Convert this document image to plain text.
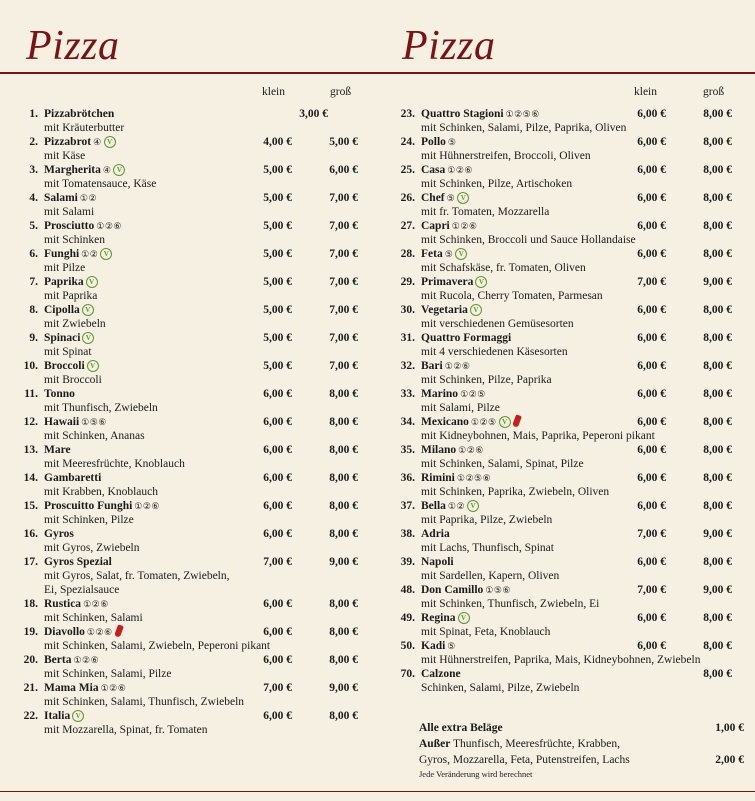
Pizza	Pizza
klein	groß
1. Pizzabrötchen	3,00 €
mit Kräuterbutter
2. Pizzabrot ④ V	4,00 €	5,00 €
mit Käse
3. Margherita ④ V	5,00 €	6,00 €
mit Tomatensauce, Käse
4. Salami ①②	5,00 €	7,00 €
mit Salami
5. Prosciutto ①②⑥	5,00 €	7,00 €
mit Schinken
6. Funghi ①② V	5,00 €	7,00 €
mit Pilze
7. Paprika V	5,00 €	7,00 €
mit Paprika
8. Cipolla V	5,00 €	7,00 €
mit Zwiebeln
9. Spinaci V	5,00 €	7,00 €
mit Spinat
10. Broccoli V	5,00 €	7,00 €
mit Broccoli
11. Tonno	6,00 €	8,00 €
mit Thunfisch, Zwiebeln
12. Hawaii ①⑤⑥	6,00 €	8,00 €
mit Schinken, Ananas
13. Mare	6,00 €	8,00 €
mit Meeresfrüchte, Knoblauch
14. Gambaretti	6,00 €	8,00 €
mit Krabben, Knoblauch
15. Proscuitto Funghi ①②⑥	6,00 €	8,00 €
mit Schinken, Pilze
16. Gyros	6,00 €	8,00 €
mit Gyros, Zwiebeln
17. Gyros Spezial	7,00 €	9,00 €
mit Gyros, Salat, fr. Tomaten, Zwiebeln,
Ei, Spezialsauce
18. Rustica ①②⑥	6,00 €	8,00 €
mit Schinken, Salami
19. Diavollo ①②⑥	6,00 €	8,00 €
mit Schinken, Salami, Zwiebeln, Peperoni pikant
20. Berta ①②⑥	6,00 €	8,00 €
mit Schinken, Salami, Pilze
21. Mama Mia ①②⑥	7,00 €	9,00 €
mit Schinken, Salami, Thunfisch, Zwiebeln
22. Italia V	6,00 €	8,00 €
mit Mozzarella, Spinat, fr. Tomaten
klein	groß
23. Quattro Stagioni ①②⑤⑥	6,00 €	8,00 €
mit Schinken, Salami, Pilze, Paprika, Oliven
24. Pollo ⑤	6,00 €	8,00 €
mit Hühnerstreifen, Broccoli, Oliven
25. Casa ①②⑥	6,00 €	8,00 €
mit Schinken, Pilze, Artischoken
26. Chef ⑤ V	6,00 €	8,00 €
mit fr. Tomaten, Mozzarella
27. Capri ①②⑥	6,00 €	8,00 €
mit Schinken, Broccoli und Sauce Hollandaise
28. Feta ⑤ V	6,00 €	8,00 €
mit Schafskäse, fr. Tomaten, Oliven
29. Primavera V	7,00 €	9,00 €
mit Rucola, Cherry Tomaten, Parmesan
30. Vegetaria V	6,00 €	8,00 €
mit verschiedenen Gemüsesorten
31. Quattro Formaggi	6,00 €	8,00 €
mit 4 verschiedenen Käsesorten
32. Bari ①②⑥	6,00 €	8,00 €
mit Schinken, Pilze, Paprika
33. Marino ①②⑤	6,00 €	8,00 €
mit Salami, Pilze
34. Mexicano ①②⑤ V	6,00 €	8,00 €
mit Kidneybohnen, Mais, Paprika, Peperoni pikant
35. Milano ①②⑥	6,00 €	8,00 €
mit Schinken, Salami, Spinat, Pilze
36. Rimini ①②⑤⑥	6,00 €	8,00 €
mit Schinken, Paprika, Zwiebeln, Oliven
37. Bella ①② V	6,00 €	8,00 €
mit Paprika, Pilze, Zwiebeln
38. Adria	7,00 €	9,00 €
mit Lachs, Thunfisch, Spinat
39. Napoli	6,00 €	8,00 €
mit Sardellen, Kapern, Oliven
48. Don Camillo ①⑤⑥	7,00 €	9,00 €
mit Schinken, Thunfisch, Zwiebeln, Ei
49. Regina V	6,00 €	8,00 €
mit Spinat, Feta, Knoblauch
50. Kadi ⑤	6,00 €	8,00 €
mit Hühnerstreifen, Paprika, Mais, Kidneybohnen, Zwiebeln
70. Calzone	8,00 €
Schinken, Salami, Pilze, Zwiebeln
Alle extra Beläge	1,00 €
Außer Thunfisch, Meeresfrüchte, Krabben,
Gyros, Mozzarella, Feta, Putenstreifen, Lachs	2,00 €
Jede Veränderung wird berechnet
